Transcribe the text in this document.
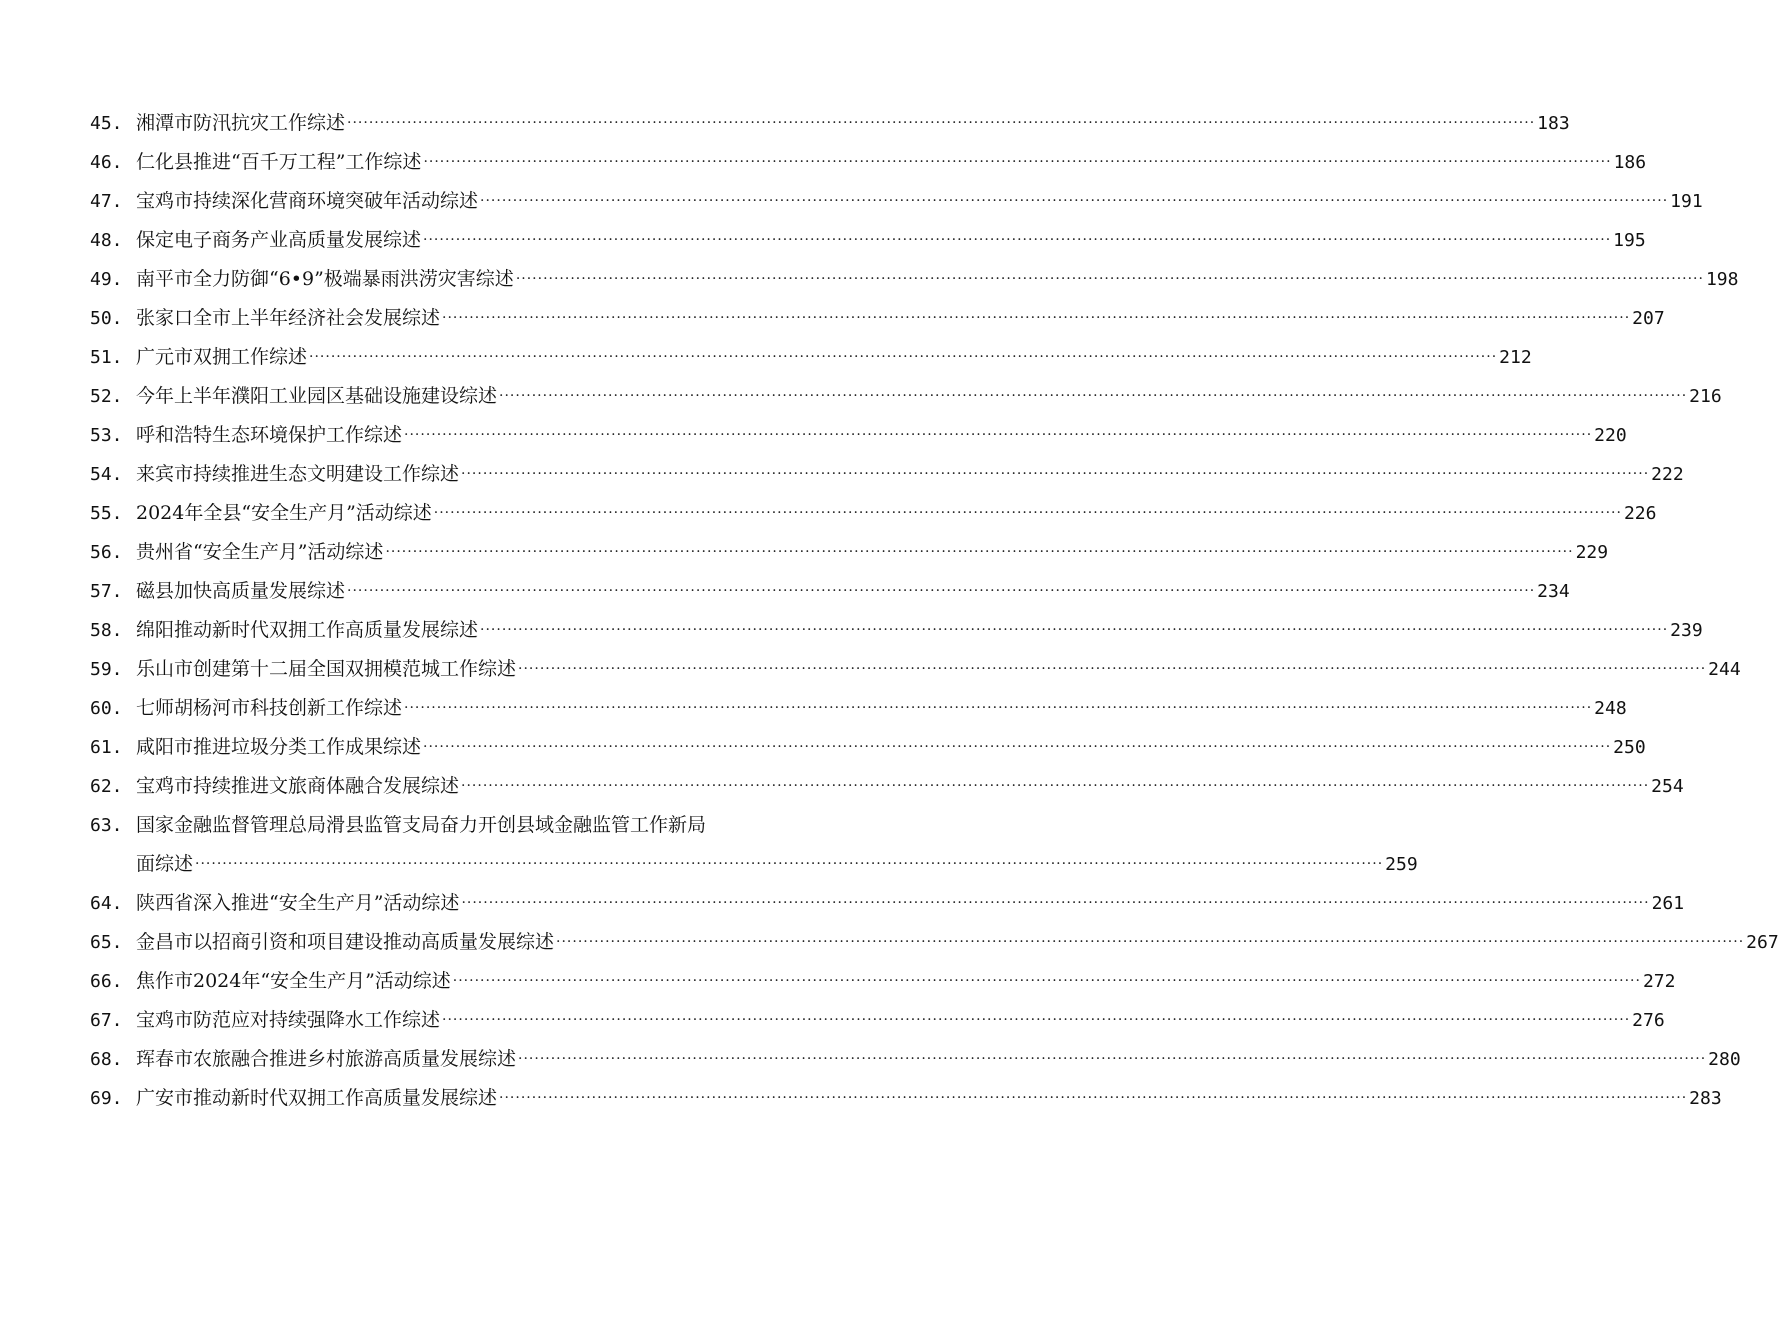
45. 湘潭市防汛抗灾工作综述 ·····	183
46. 仁化县推进“百千万工程”工作综述 ·····	186
47. 宝鸡市持续深化营商环境突破年活动综述 ·····	191
48. 保定电子商务产业高质量发展综述 ·····	195
49. 南平市全力防御“6•9”极端暴雨洪涝灾害综述 ·····	198
50. 张家口全市上半年经济社会发展综述 ·····	207
51. 广元市双拥工作综述 ·····	212
52. 今年上半年濮阳工业园区基础设施建设综述 ·····	216
53. 呼和浩特生态环境保护工作综述 ·····	220
54. 来宾市持续推进生态文明建设工作综述 ·····	222
55. 2024年全县“安全生产月”活动综述 ·····	226
56. 贵州省“安全生产月”活动综述 ·····	229
57. 磁县加快高质量发展综述 ·····	234
58. 绵阳推动新时代双拥工作高质量发展综述 ·····	239
59. 乐山市创建第十二届全国双拥模范城工作综述 ·····	244
60. 七师胡杨河市科技创新工作综述 ·····	248
61. 咸阳市推进垃圾分类工作成果综述 ·····	250
62. 宝鸡市持续推进文旅商体融合发展综述 ·····	254
63. 国家金融监督管理总局滑县监管支局奋力开创县域金融监管工作新局
面综述 ·····	259
64. 陕西省深入推进“安全生产月”活动综述 ·····	261
65. 金昌市以招商引资和项目建设推动高质量发展综述 ·····	267
66. 焦作市2024年“安全生产月”活动综述 ·····	272
67. 宝鸡市防范应对持续强降水工作综述 ·····	276
68. 珲春市农旅融合推进乡村旅游高质量发展综述 ·····	280
69. 广安市推动新时代双拥工作高质量发展综述 ·····	283
